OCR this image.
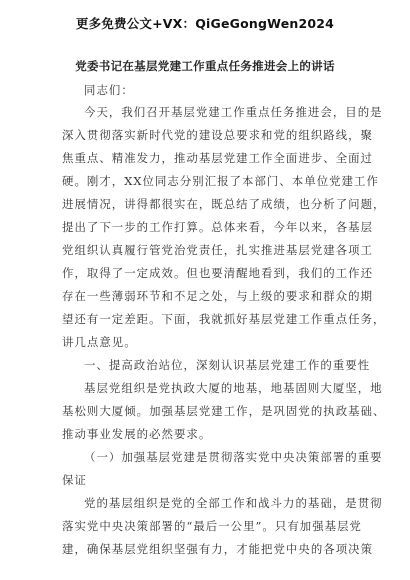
更多免费公文+VX：QiGeGongWen2024
党委书记在基层党建工作重点任务推进会上的讲话
同志们：
今天，我们召开基层党建工作重点任务推进会，目的是
深入贯彻落实新时代党的建设总要求和党的组织路线，聚
焦重点、精准发力，推动基层党建工作全面进步、全面过
硬。刚才，XX位同志分别汇报了本部门、本单位党建工作
进展情况，讲得都很实在，既总结了成绩，也分析了问题，
提出了下一步的工作打算。总体来看，今年以来，各基层
党组织认真履行管党治党责任，扎实推进基层党建各项工
作，取得了一定成效。但也要清醒地看到，我们的工作还
存在一些薄弱环节和不足之处，与上级的要求和群众的期
望还有一定差距。下面，我就抓好基层党建工作重点任务，
讲几点意见。
一、提高政治站位，深刻认识基层党建工作的重要性
基层党组织是党执政大厦的地基，地基固则大厦坚，地
基松则大厦倾。加强基层党建工作，是巩固党的执政基础、
推动事业发展的必然要求。
（一）加强基层党建是贯彻落实党中央决策部署的重要
保证
党的基层组织是党的全部工作和战斗力的基础，是贯彻
落实党中央决策部署的“最后一公里”。只有加强基层党
建，确保基层党组织坚强有力，才能把党中央的各项决策
